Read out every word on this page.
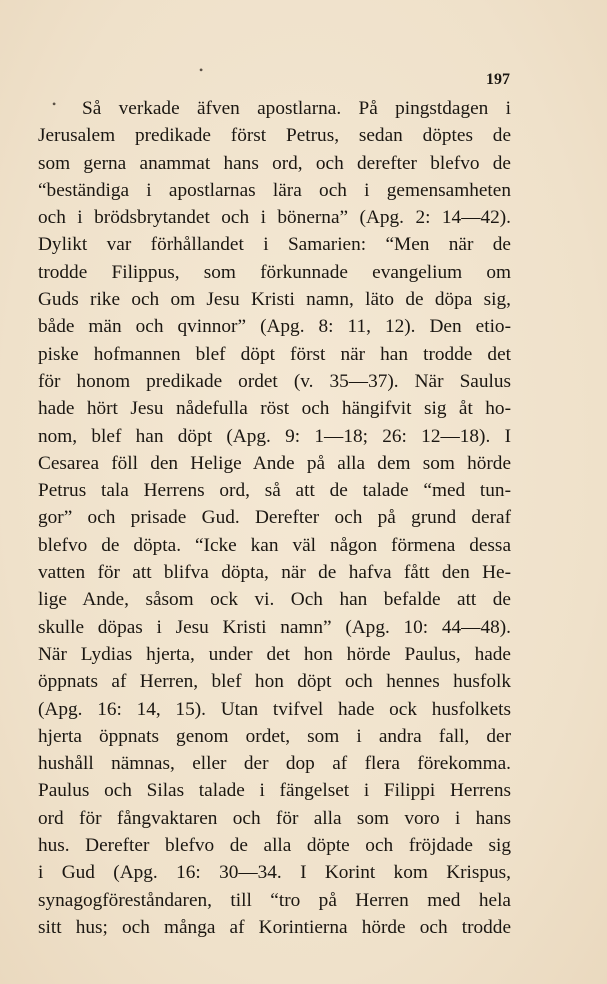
•
•
197
Så verkade äfven apostlarna. På pingstdagen i
Jerusalem predikade först Petrus, sedan döptes de
som gerna anammat hans ord, och derefter blefvo de
“beständiga i apostlarnas lära och i gemensamheten
och i brödsbrytandet och i bönerna” (Apg. 2: 14—42).
Dylikt var förhållandet i Samarien: “Men när de
trodde Filippus, som förkunnade evangelium om
Guds rike och om Jesu Kristi namn, läto de döpa sig,
både män och qvinnor” (Apg. 8: 11, 12). Den etio-
piske hofmannen blef döpt först när han trodde det
för honom predikade ordet (v. 35—37). När Saulus
hade hört Jesu nådefulla röst och hängifvit sig åt ho-
nom, blef han döpt (Apg. 9: 1—18; 26: 12—18). I
Cesarea föll den Helige Ande på alla dem som hörde
Petrus tala Herrens ord, så att de talade “med tun-
gor” och prisade Gud. Derefter och på grund deraf
blefvo de döpta. “Icke kan väl någon förmena dessa
vatten för att blifva döpta, när de hafva fått den He-
lige Ande, såsom ock vi. Och han befalde att de
skulle döpas i Jesu Kristi namn” (Apg. 10: 44—48).
När Lydias hjerta, under det hon hörde Paulus, hade
öppnats af Herren, blef hon döpt och hennes husfolk
(Apg. 16: 14, 15). Utan tvifvel hade ock husfolkets
hjerta öppnats genom ordet, som i andra fall, der
hushåll nämnas, eller der dop af flera förekomma.
Paulus och Silas talade i fängelset i Filippi Herrens
ord för fångvaktaren och för alla som voro i hans
hus. Derefter blefvo de alla döpte och fröjdade sig
i Gud (Apg. 16: 30—34. I Korint kom Krispus,
synagogföreståndaren, till “tro på Herren med hela
sitt hus; och många af Korintierna hörde och trodde
